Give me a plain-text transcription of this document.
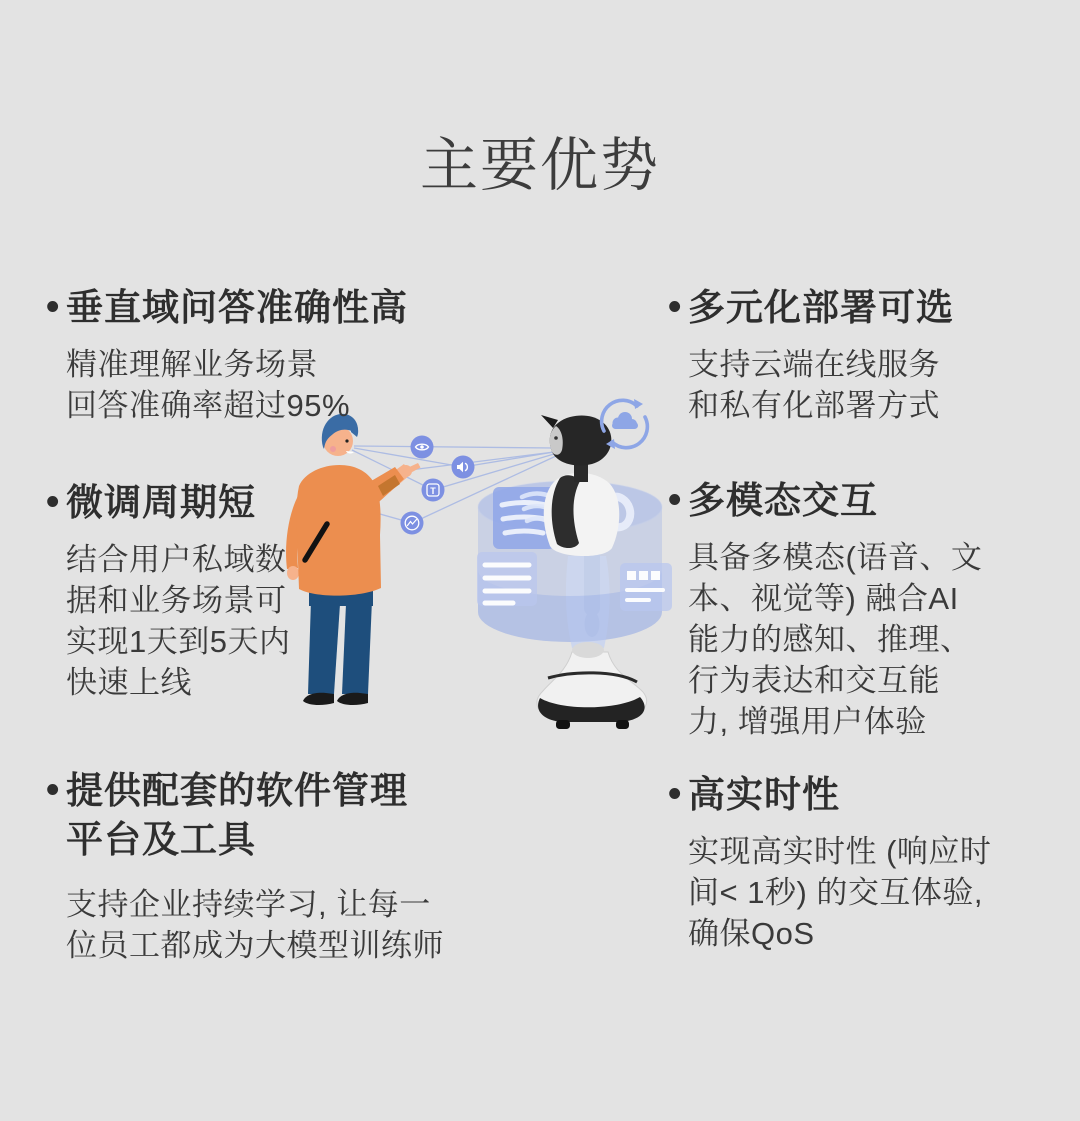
主要优势
T
• 垂直域问答准确性高
精准理解业务场景
回答准确率超过95%
• 微调周期短
结合用户私域数
据和业务场景可
实现1天到5天内
快速上线
• 提供配套的软件管理
平台及工具
支持企业持续学习, 让每一
位员工都成为大模型训练师
• 多元化部署可选
支持云端在线服务
和私有化部署方式
• 多模态交互
具备多模态(语音、文
本、视觉等) 融合AI
能力的感知、推理、
行为表达和交互能
力, 增强用户体验
• 高实时性
实现高实时性 (响应时
间< 1秒) 的交互体验,
确保QoS
